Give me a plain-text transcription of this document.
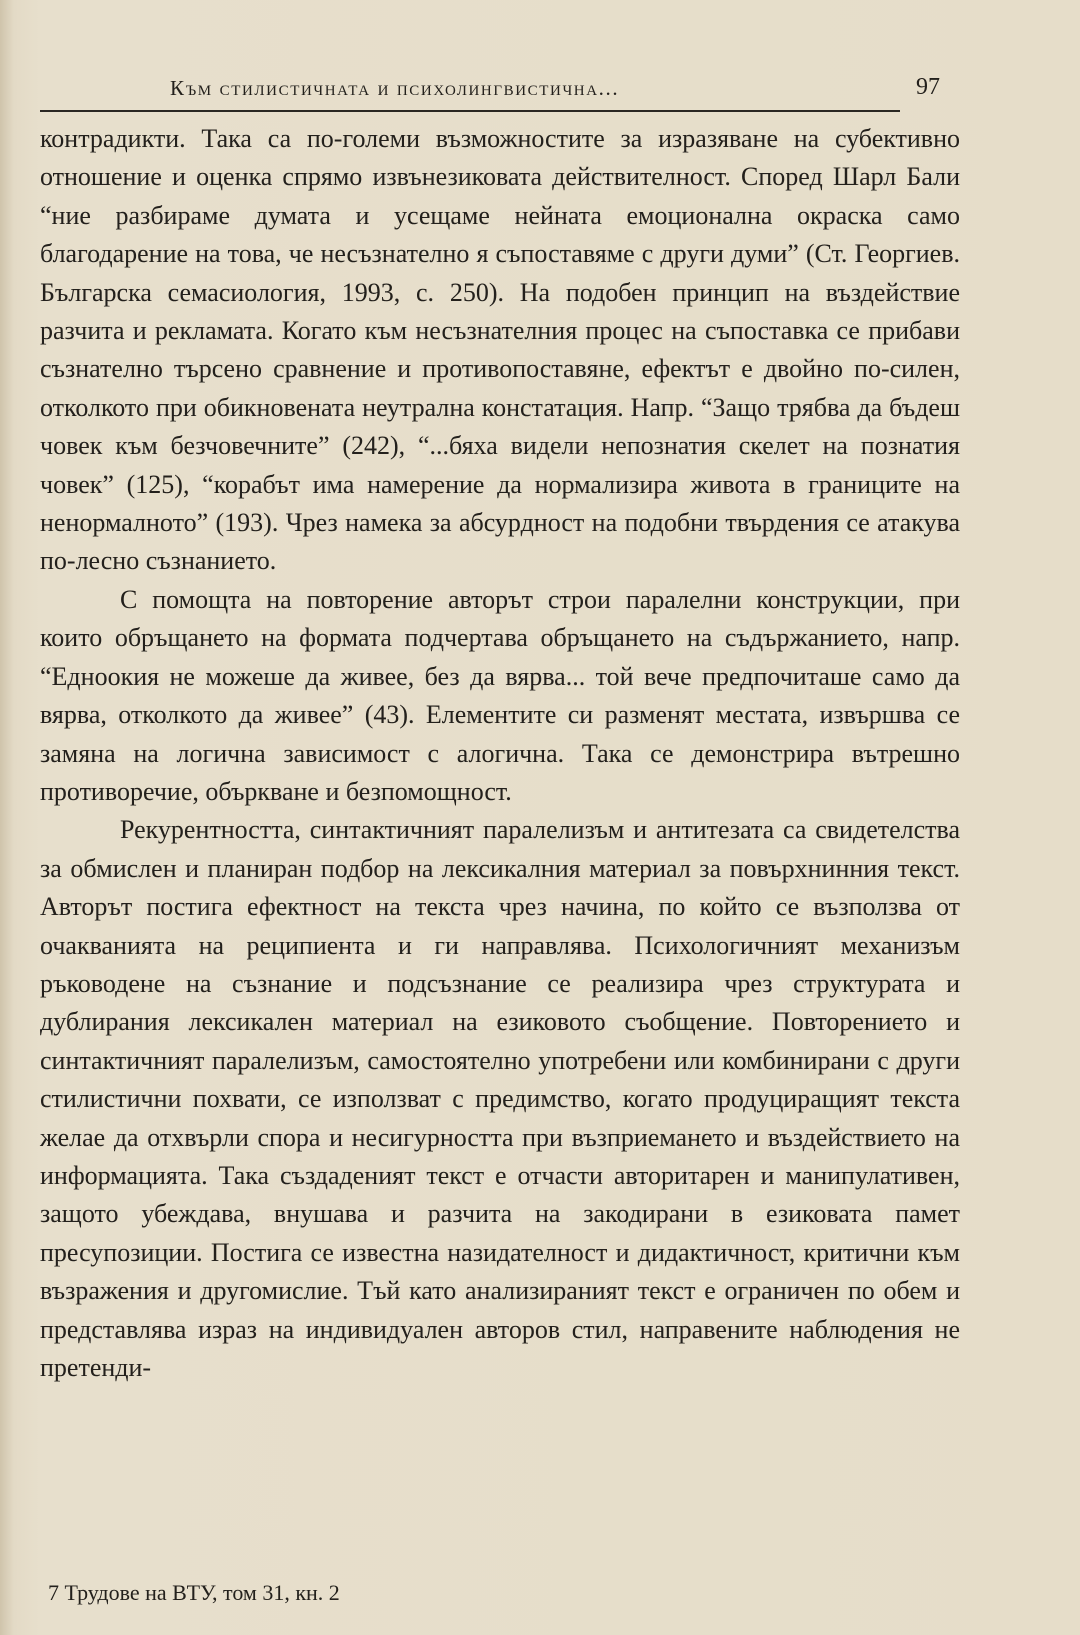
Към стилистичната и психолингвистична...	97

контрадикти. Така са по-големи възможностите за изразяване на субективно отношение и оценка спрямо извънезиковата действителност. Според Шарл Бали “ние разбираме думата и усещаме нейната емоционална окраска само благодарение на това, че несъзнателно я съпоставяме с други думи” (Ст. Георгиев. Българска семасиология, 1993, с. 250). На подобен принцип на въздействие разчита и рекламата. Когато към несъзнателния процес на съпоставка се прибави съзнателно търсено сравнение и противопоставяне, ефектът е двойно по-силен, отколкото при обикновената неутрална констатация. Напр. “Защо трябва да бъдеш човек към безчовечните” (242), “...бяха видели непознатия скелет на познатия човек” (125), “корабът има намерение да нормализира живота в границите на ненормалното” (193). Чрез намека за абсурдност на подобни твърдения се атакува по-лесно съзнанието.

С помощта на повторение авторът строи паралелни конструкции, при които обръщането на формата подчертава обръщането на съдържанието, напр. “Едноокия не можеше да живее, без да вярва... той вече предпочиташе само да вярва, отколкото да живее” (43). Елементите си разменят местата, извършва се замяна на логична зависимост с алогична. Така се демонстрира вътрешно противоречие, объркване и безпомощност.

Рекурентността, синтактичният паралелизъм и антитезата са свидетелства за обмислен и планиран подбор на лексикалния материал за повърхнинния текст. Авторът постига ефектност на текста чрез начина, по който се възползва от очакванията на реципиента и ги направлява. Психологичният механизъм ръководене на съзнание и подсъзнание се реализира чрез структурата и дублирания лексикален материал на езиковото съобщение. Повторението и синтактичният паралелизъм, самостоятелно употребени или комбинирани с други стилистични похвати, се използват с предимство, когато продуциращият текста желае да отхвърли спора и несигурността при възприемането и въздействието на информацията. Така създаденият текст е отчасти авторитарен и манипулативен, защото убеждава, внушава и разчита на закодирани в езиковата памет пресупозиции. Постига се известна назидателност и дидактичност, критични към възражения и другомислие. Тъй като анализираният текст е ограничен по обем и представлява израз на индивидуален авторов стил, направените наблюдения не претенди-

7 Трудове на ВТУ, том 31, кн. 2
